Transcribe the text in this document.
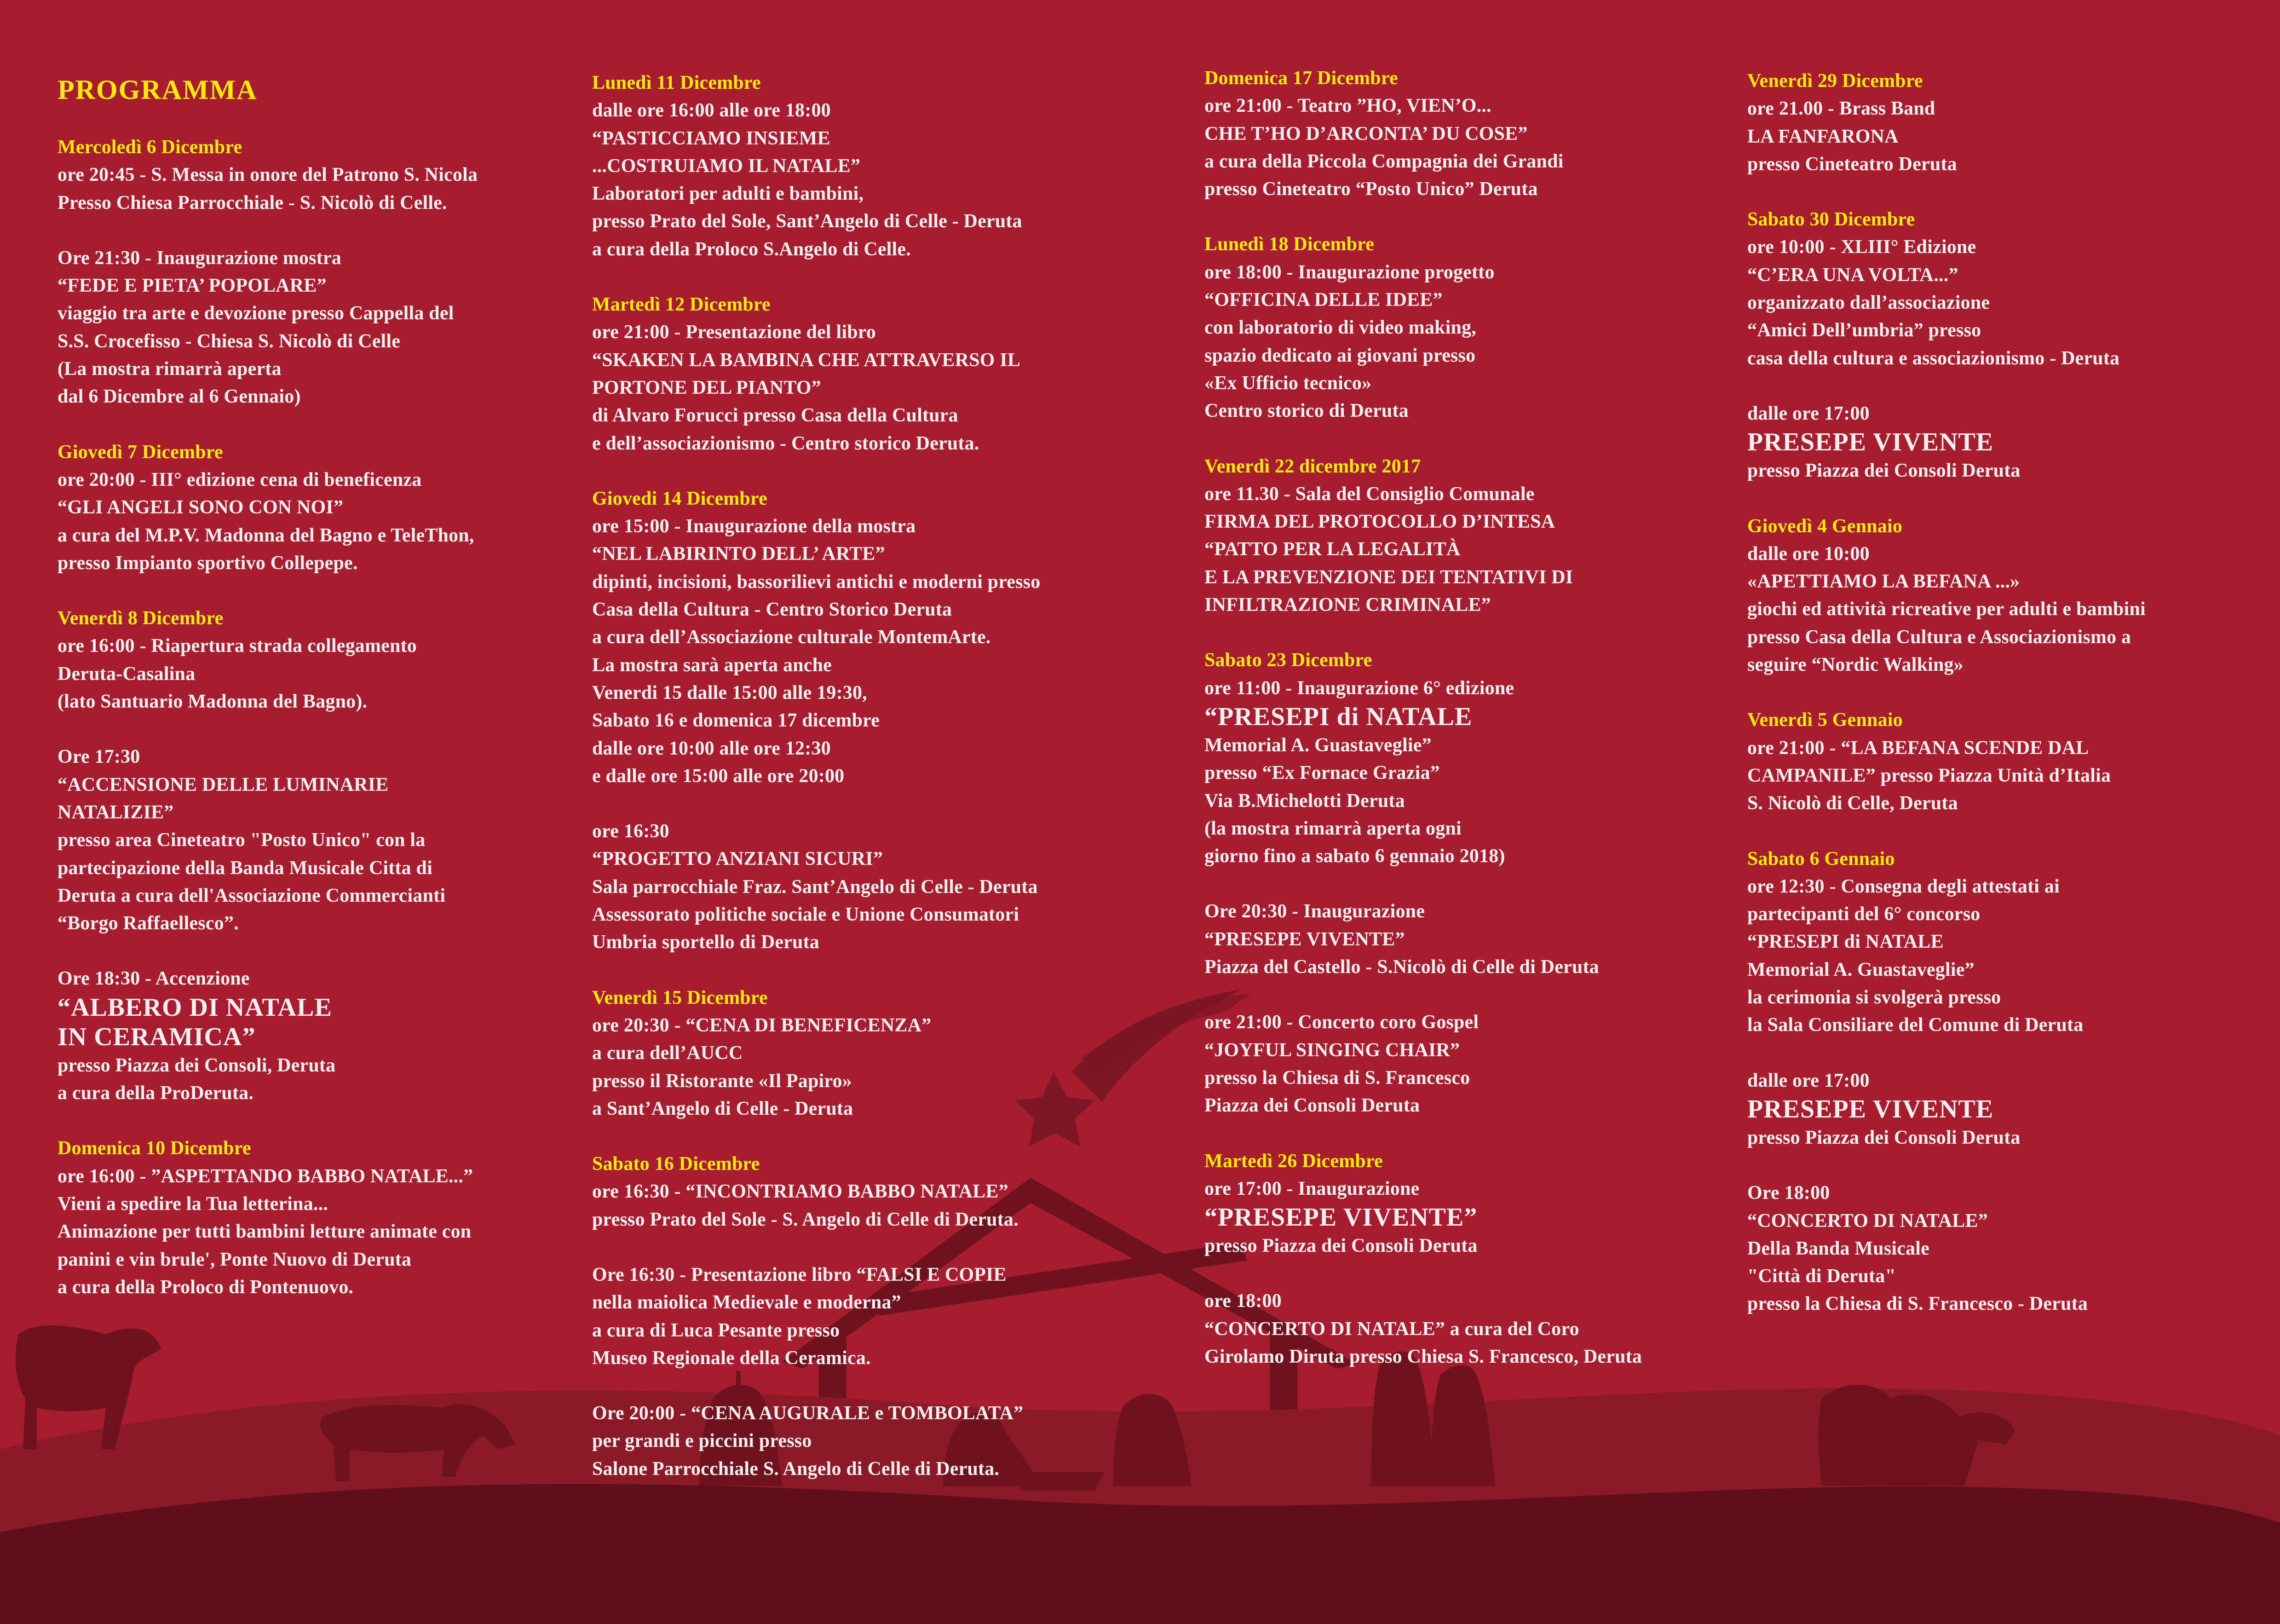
PROGRAMMA
Mercoledì 6 Dicembre
ore 20:45 - S. Messa in onore del Patrono S. Nicola
Presso Chiesa Parrocchiale - S. Nicolò di Celle.
Ore 21:30 - Inaugurazione mostra
“FEDE E PIETA’ POPOLARE”
viaggio tra arte e devozione presso Cappella del
S.S. Crocefisso - Chiesa S. Nicolò di Celle
(La mostra rimarrà aperta
dal 6 Dicembre al 6 Gennaio)
Giovedì 7 Dicembre
ore 20:00 - III° edizione cena di beneficenza
“GLI ANGELI SONO CON NOI”
a cura del M.P.V. Madonna del Bagno e TeleThon,
presso Impianto sportivo Collepepe.
Venerdì 8 Dicembre
ore 16:00 - Riapertura strada collegamento
Deruta-Casalina
(lato Santuario Madonna del Bagno).
Ore 17:30
“ACCENSIONE DELLE LUMINARIE
NATALIZIE”
presso area Cineteatro "Posto Unico" con la
partecipazione della Banda Musicale Citta di
Deruta a cura dell'Associazione Commercianti
“Borgo Raffaellesco”.
Ore 18:30 - Accenzione
“ALBERO DI NATALE
IN CERAMICA”
presso Piazza dei Consoli, Deruta
a cura della ProDeruta.
Domenica 10 Dicembre
ore 16:00 - ”ASPETTANDO BABBO NATALE...”
Vieni a spedire la Tua letterina...
Animazione per tutti bambini letture animate con
panini e vin brule', Ponte Nuovo di Deruta
a cura della Proloco di Pontenuovo.
Lunedì 11 Dicembre
dalle ore 16:00 alle ore 18:00
“PASTICCIAMO INSIEME
...COSTRUIAMO IL NATALE”
Laboratori per adulti e bambini,
presso Prato del Sole, Sant’Angelo di Celle - Deruta
a cura della Proloco S.Angelo di Celle.
Martedì 12 Dicembre
ore 21:00 - Presentazione del libro
“SKAKEN LA BAMBINA CHE ATTRAVERSO IL
PORTONE DEL PIANTO”
di Alvaro Forucci presso Casa della Cultura
e dell’associazionismo - Centro storico Deruta.
Giovedi 14 Dicembre
ore 15:00 - Inaugurazione della mostra
“NEL LABIRINTO DELL’ ARTE”
dipinti, incisioni, bassorilievi antichi e moderni presso
Casa della Cultura - Centro Storico Deruta
a cura dell’Associazione culturale MontemArte.
La mostra sarà aperta anche
Venerdi 15 dalle 15:00 alle 19:30,
Sabato 16 e domenica 17 dicembre
dalle ore 10:00 alle ore 12:30
e dalle ore 15:00 alle ore 20:00
ore 16:30
“PROGETTO ANZIANI SICURI”
Sala parrocchiale Fraz. Sant’Angelo di Celle - Deruta
Assessorato politiche sociale e Unione Consumatori
Umbria sportello di Deruta
Venerdì 15 Dicembre
ore 20:30 - “CENA DI BENEFICENZA”
a cura dell’AUCC
presso il Ristorante «Il Papiro»
a Sant’Angelo di Celle - Deruta
Sabato 16 Dicembre
ore 16:30 - “INCONTRIAMO BABBO NATALE”
presso Prato del Sole - S. Angelo di Celle di Deruta.
Ore 16:30 - Presentazione libro “FALSI E COPIE
nella maiolica Medievale e moderna”
a cura di Luca Pesante presso
Museo Regionale della Ceramica.
Ore 20:00 - “CENA AUGURALE e TOMBOLATA”
per grandi e piccini presso
Salone Parrocchiale S. Angelo di Celle di Deruta.
Domenica 17 Dicembre
ore 21:00 - Teatro ”HO, VIEN’O...
CHE T’HO D’ARCONTA’ DU COSE”
a cura della Piccola Compagnia dei Grandi
presso Cineteatro “Posto Unico” Deruta
Lunedì 18 Dicembre
ore 18:00 - Inaugurazione progetto
“OFFICINA DELLE IDEE”
con laboratorio di video making,
spazio dedicato ai giovani presso
«Ex Ufficio tecnico»
Centro storico di Deruta
Venerdì 22 dicembre 2017
ore 11.30 - Sala del Consiglio Comunale
FIRMA DEL PROTOCOLLO D’INTESA
“PATTO PER LA LEGALITÀ
E LA PREVENZIONE DEI TENTATIVI DI
INFILTRAZIONE CRIMINALE”
Sabato 23 Dicembre
ore 11:00 - Inaugurazione 6° edizione
“PRESEPI di NATALE
Memorial A. Guastaveglie”
presso “Ex Fornace Grazia”
Via B.Michelotti Deruta
(la mostra rimarrà aperta ogni
giorno fino a sabato 6 gennaio 2018)
Ore 20:30 - Inaugurazione
“PRESEPE VIVENTE”
Piazza del Castello - S.Nicolò di Celle di Deruta
ore 21:00 - Concerto coro Gospel
“JOYFUL SINGING CHAIR”
presso la Chiesa di S. Francesco
Piazza dei Consoli Deruta
Martedì 26 Dicembre
ore 17:00 - Inaugurazione
“PRESEPE VIVENTE”
presso Piazza dei Consoli Deruta
ore 18:00
“CONCERTO DI NATALE” a cura del Coro
Girolamo Diruta presso Chiesa S. Francesco, Deruta
Venerdì 29 Dicembre
ore 21.00 - Brass Band
LA FANFARONA
presso Cineteatro Deruta
Sabato 30 Dicembre
ore 10:00 - XLIII° Edizione
“C’ERA UNA VOLTA...”
organizzato dall’associazione
“Amici Dell’umbria” presso
casa della cultura e associazionismo - Deruta
dalle ore 17:00
PRESEPE VIVENTE
presso Piazza dei Consoli Deruta
Giovedì 4 Gennaio
dalle ore 10:00
«APETTIAMO LA BEFANA ...»
giochi ed attività ricreative per adulti e bambini
presso Casa della Cultura e Associazionismo a
seguire “Nordic Walking»
Venerdì 5 Gennaio
ore 21:00 - “LA BEFANA SCENDE DAL
CAMPANILE” presso Piazza Unità d’Italia
S. Nicolò di Celle, Deruta
Sabato 6 Gennaio
ore 12:30 - Consegna degli attestati ai
partecipanti del 6° concorso
“PRESEPI di NATALE
Memorial A. Guastaveglie”
la cerimonia si svolgerà presso
la Sala Consiliare del Comune di Deruta
dalle ore 17:00
PRESEPE VIVENTE
presso Piazza dei Consoli Deruta
Ore 18:00
“CONCERTO DI NATALE”
Della Banda Musicale
"Città di Deruta"
presso la Chiesa di S. Francesco - Deruta
